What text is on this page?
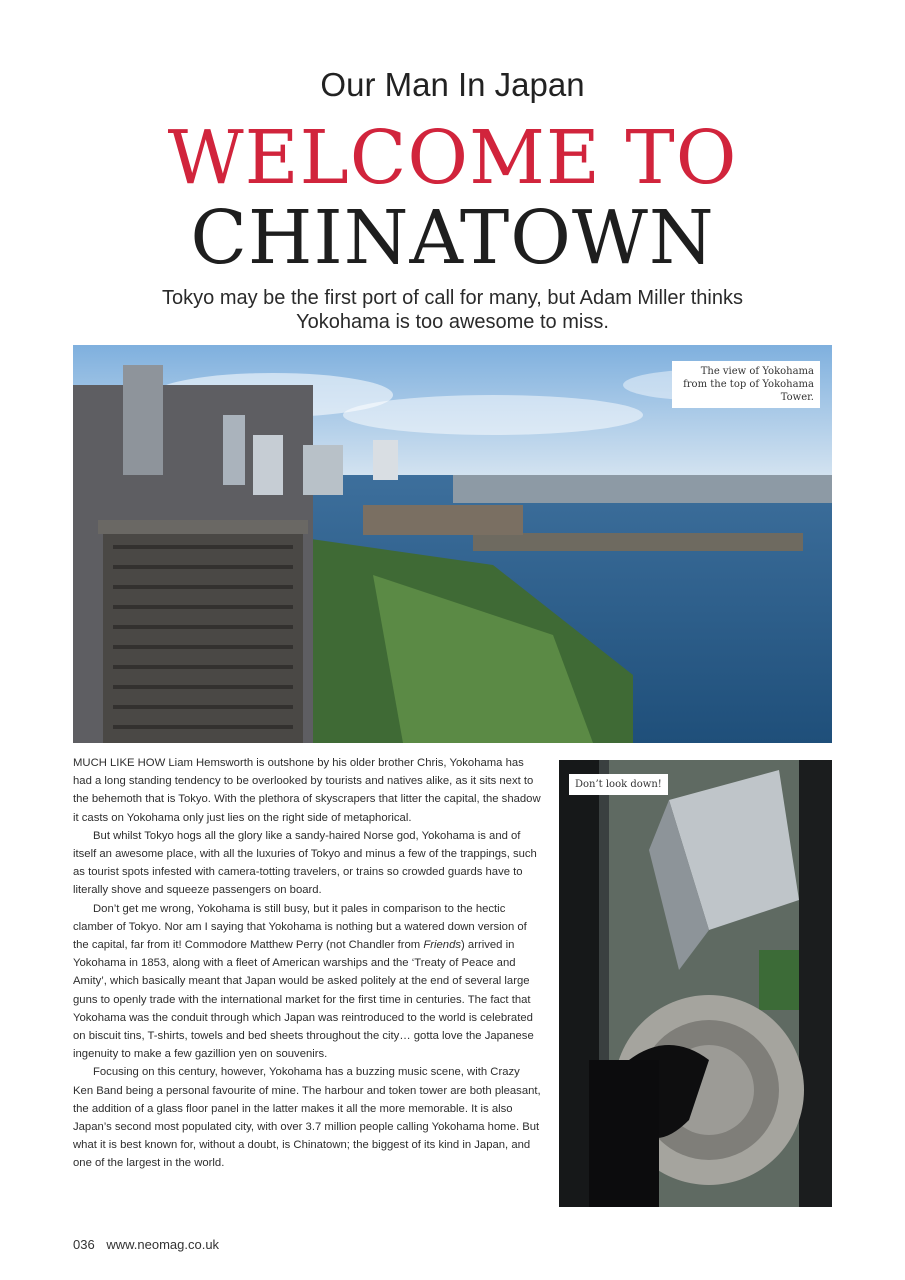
Our Man In Japan
WELCOME TO
CHINATOWN
Tokyo may be the first port of call for many, but Adam Miller thinks Yokohama is too awesome to miss.
The view of Yokohama from the top of Yokohama Tower.
Don’t look down!

MUCH LIKE HOW Liam Hemsworth is outshone by his older brother Chris, Yokohama has had a long standing tendency to be overlooked by tourists and natives alike, as it sits next to the behemoth that is Tokyo. With the plethora of skyscrapers that litter the capital, the shadow it casts on Yokohama only just lies on the right side of metaphorical.

But whilst Tokyo hogs all the glory like a sandy-haired Norse god, Yokohama is and of itself an awesome place, with all the luxuries of Tokyo and minus a few of the trappings, such as tourist spots infested with camera-totting travelers, or trains so crowded guards have to literally shove and squeeze passengers on board.

Don’t get me wrong, Yokohama is still busy, but it pales in comparison to the hectic clamber of Tokyo. Nor am I saying that Yokohama is nothing but a watered down version of the capital, far from it! Commodore Matthew Perry (not Chandler from Friends) arrived in Yokohama in 1853, along with a fleet of American warships and the ‘Treaty of Peace and Amity’, which basically meant that Japan would be asked politely at the end of several large guns to openly trade with the international market for the first time in centuries. The fact that Yokohama was the conduit through which Japan was reintroduced to the world is celebrated on biscuit tins, T-shirts, towels and bed sheets throughout the city… gotta love the Japanese ingenuity to make a few gazillion yen on souvenirs.

Focusing on this century, however, Yokohama has a buzzing music scene, with Crazy Ken Band being a personal favourite of mine. The harbour and token tower are both pleasant, the addition of a glass floor panel in the latter makes it all the more memorable. It is also Japan’s second most populated city, with over 3.7 million people calling Yokohama home. But what it is best known for, without a doubt, is Chinatown; the biggest of its kind in Japan, and one of the largest in the world.

036 www.neomag.co.uk
